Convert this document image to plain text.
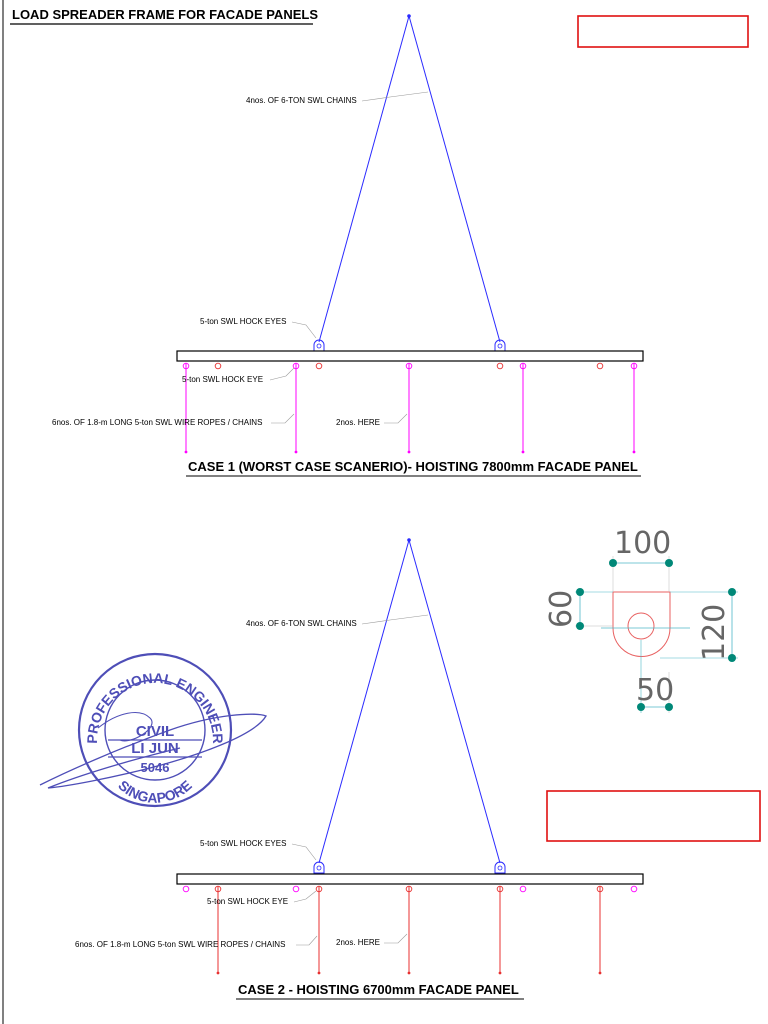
LOAD SPREADER FRAME FOR FACADE PANELS
4nos. OF 6-TON SWL CHAINS
5-ton SWL HOCK EYES
5-ton SWL HOCK EYE
6nos. OF 1.8-m LONG 5-ton SWL WIRE ROPES / CHAINS	2nos. HERE
CASE 1 (WORST CASE SCANERIO)- HOISTING 7800mm FACADE PANEL
4nos. OF 6-TON SWL CHAINS
5-ton SWL HOCK EYES
5-ton SWL HOCK EYE
6nos. OF 1.8-m LONG 5-ton SWL WIRE ROPES / CHAINS	2nos. HERE
CASE 2 - HOISTING 6700mm FACADE PANEL
100
60	120
50
PROFESSIONAL ENGINEER
SINGAPORE
CIVIL
LI JUN
5046
